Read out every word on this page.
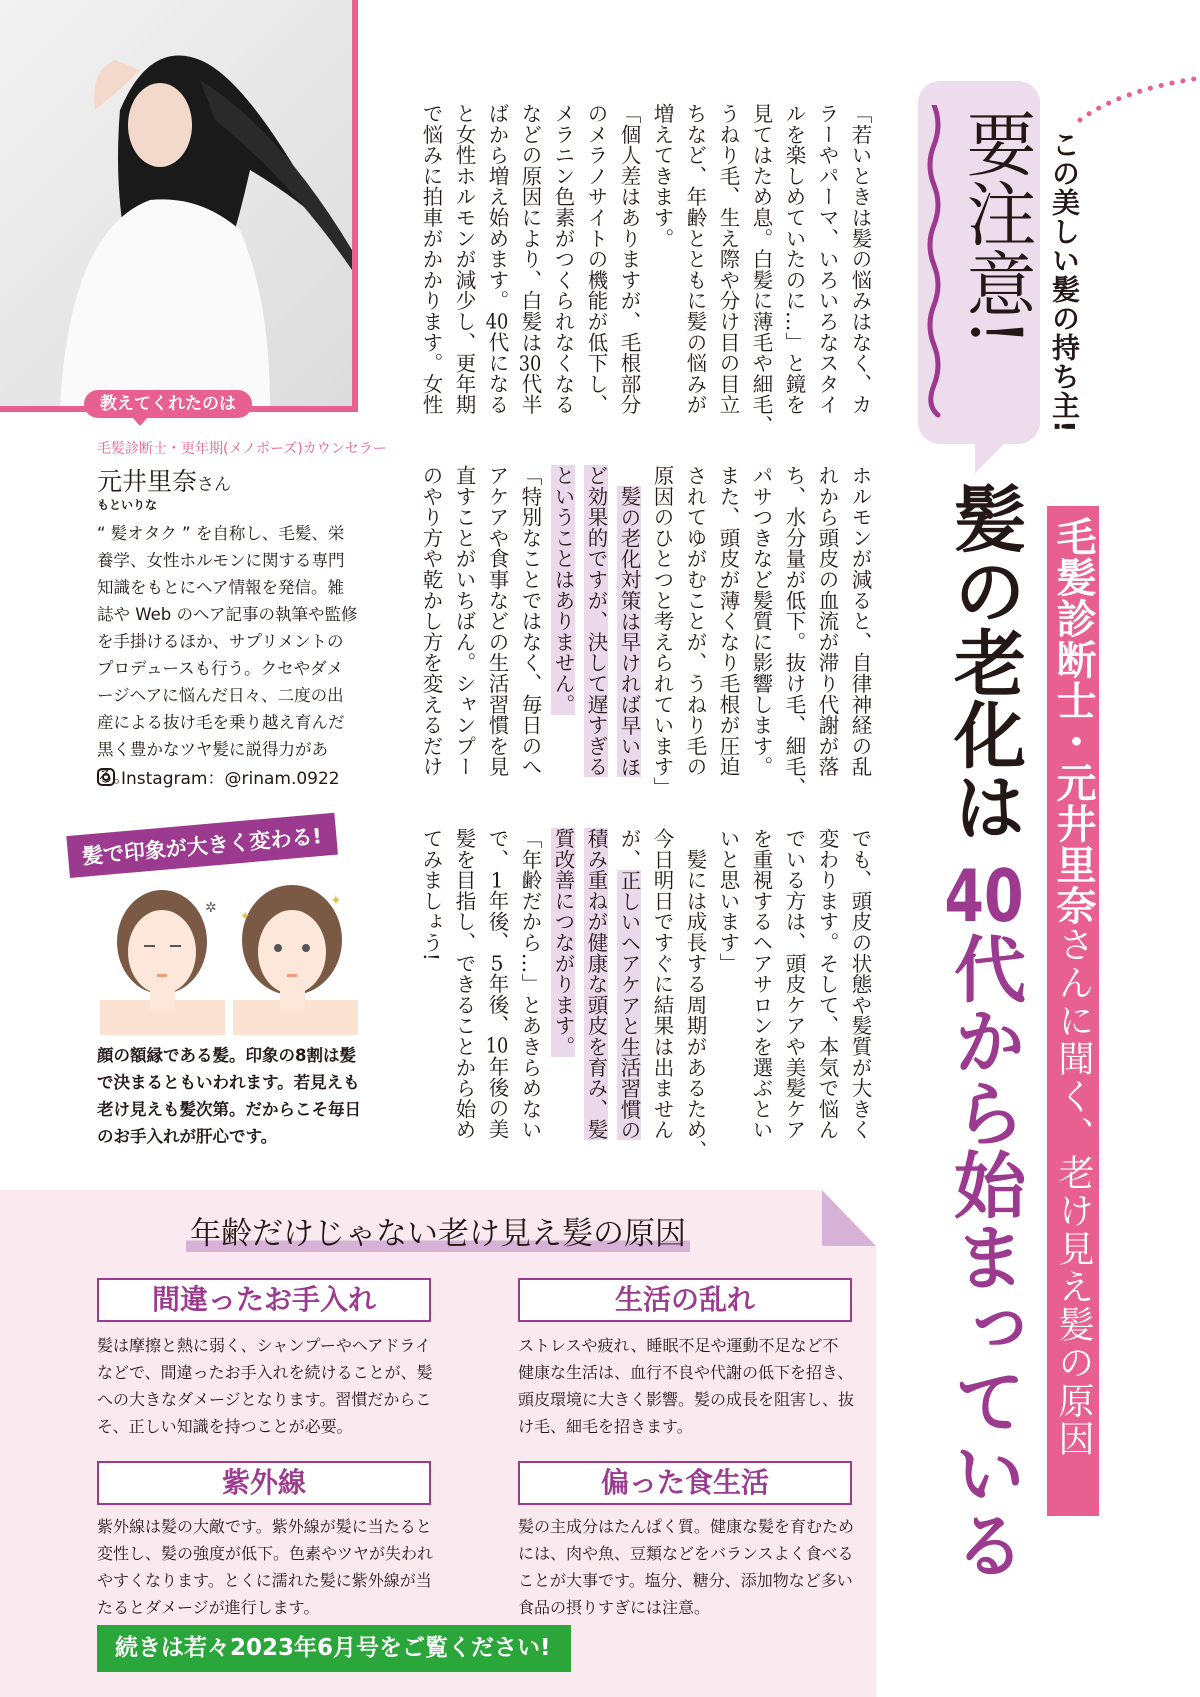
教えてくれたのは
毛髪診断士・更年期(メノポーズ)カウンセラー
元井里奈さん
もといりな
“ 髪オタク ” を自称し、毛髪、栄養学、女性ホルモンに関する専門知識をもとにヘア情報を発信。雑誌や Web のヘア記事の執筆や監修を手掛けるほか、サプリメントのプロデュースも行う。クセやダメージヘアに悩んだ日々、二度の出産による抜け毛を乗り越え育んだ黒く豊かなツヤ髪に説得力がある。
Instagram：@rinam.0922
髪で印象が大きく変わる!
✲	✦
✦
顔の額縁である髪。印象の8割は髪で決まるともいわれます。若見えも老け見えも髪次第。だからこそ毎日のお手入れが肝心です。
「若いときは髪の悩みはなく、カ
ラーやパーマ、いろいろなスタイ
ルを楽しめていたのに…」と鏡を
見てはため息。白髪に薄毛や細毛、
うねり毛、生え際や分け目の目立
ちなど、年齢とともに髪の悩みが
増えてきます。
「個人差はありますが、毛根部分
のメラノサイトの機能が低下し、
メラニン色素がつくられなくなる
などの原因により、白髪は30代半
ばから増え始めます。40代になる
と女性ホルモンが減少し、更年期
で悩みに拍車がかかります。女性
ホルモンが減ると、自律神経の乱
れから頭皮の血流が滞り代謝が落
ち、水分量が低下。抜け毛、細毛、
パサつきなど髪質に影響します。
また、頭皮が薄くなり毛根が圧迫
されてゆがむことが、うねり毛の
原因のひとつと考えられています」
　髪の老化対策は早ければ早いほ
ど効果的ですが、決して遅すぎる
ということはありません。
「特別なことではなく、毎日のへ
アケアや食事などの生活習慣を見
直すことがいちばん。シャンプー
のやり方や乾かし方を変えるだけ
でも、頭皮の状態や髪質が大きく
変わります。そして、本気で悩ん
でいる方は、頭皮ケアや美髪ケア
を重視するヘアサロンを選ぶとい
いと思います」
　髪には成長する周期があるため、
今日明日ですぐに結果は出ません
が、正しいヘアケアと生活習慣の
積み重ねが健康な頭皮を育み、髪
質改善につながります。
「年齢だから…」とあきらめない
で、1年後、5年後、10年後の美
髪を目指し、できることから始め
てみましょう!
要注意! この美しい髪の持ち主!
髪の老化は
40代から始まっている
毛髪診断士・元井里奈さんに聞く、老け見え髪の原因
年齢だけじゃない老け見え髪の原因
間違ったお手入れ
髪は摩擦と熱に弱く、シャンプーやヘアドライなどで、間違ったお手入れを続けることが、髪への大きなダメージとなります。習慣だからこそ、正しい知識を持つことが必要。
生活の乱れ
ストレスや疲れ、睡眠不足や運動不足など不健康な生活は、血行不良や代謝の低下を招き、頭皮環境に大きく影響。髪の成長を阻害し、抜け毛、細毛を招きます。
紫外線
紫外線は髪の大敵です。紫外線が髪に当たると変性し、髪の強度が低下。色素やツヤが失われやすくなります。とくに濡れた髪に紫外線が当たるとダメージが進行します。
偏った食生活
髪の主成分はたんぱく質。健康な髪を育むためには、肉や魚、豆類などをバランスよく食べることが大事です。塩分、糖分、添加物など多い食品の摂りすぎには注意。
続きは若々2023年6月号をご覧ください!
